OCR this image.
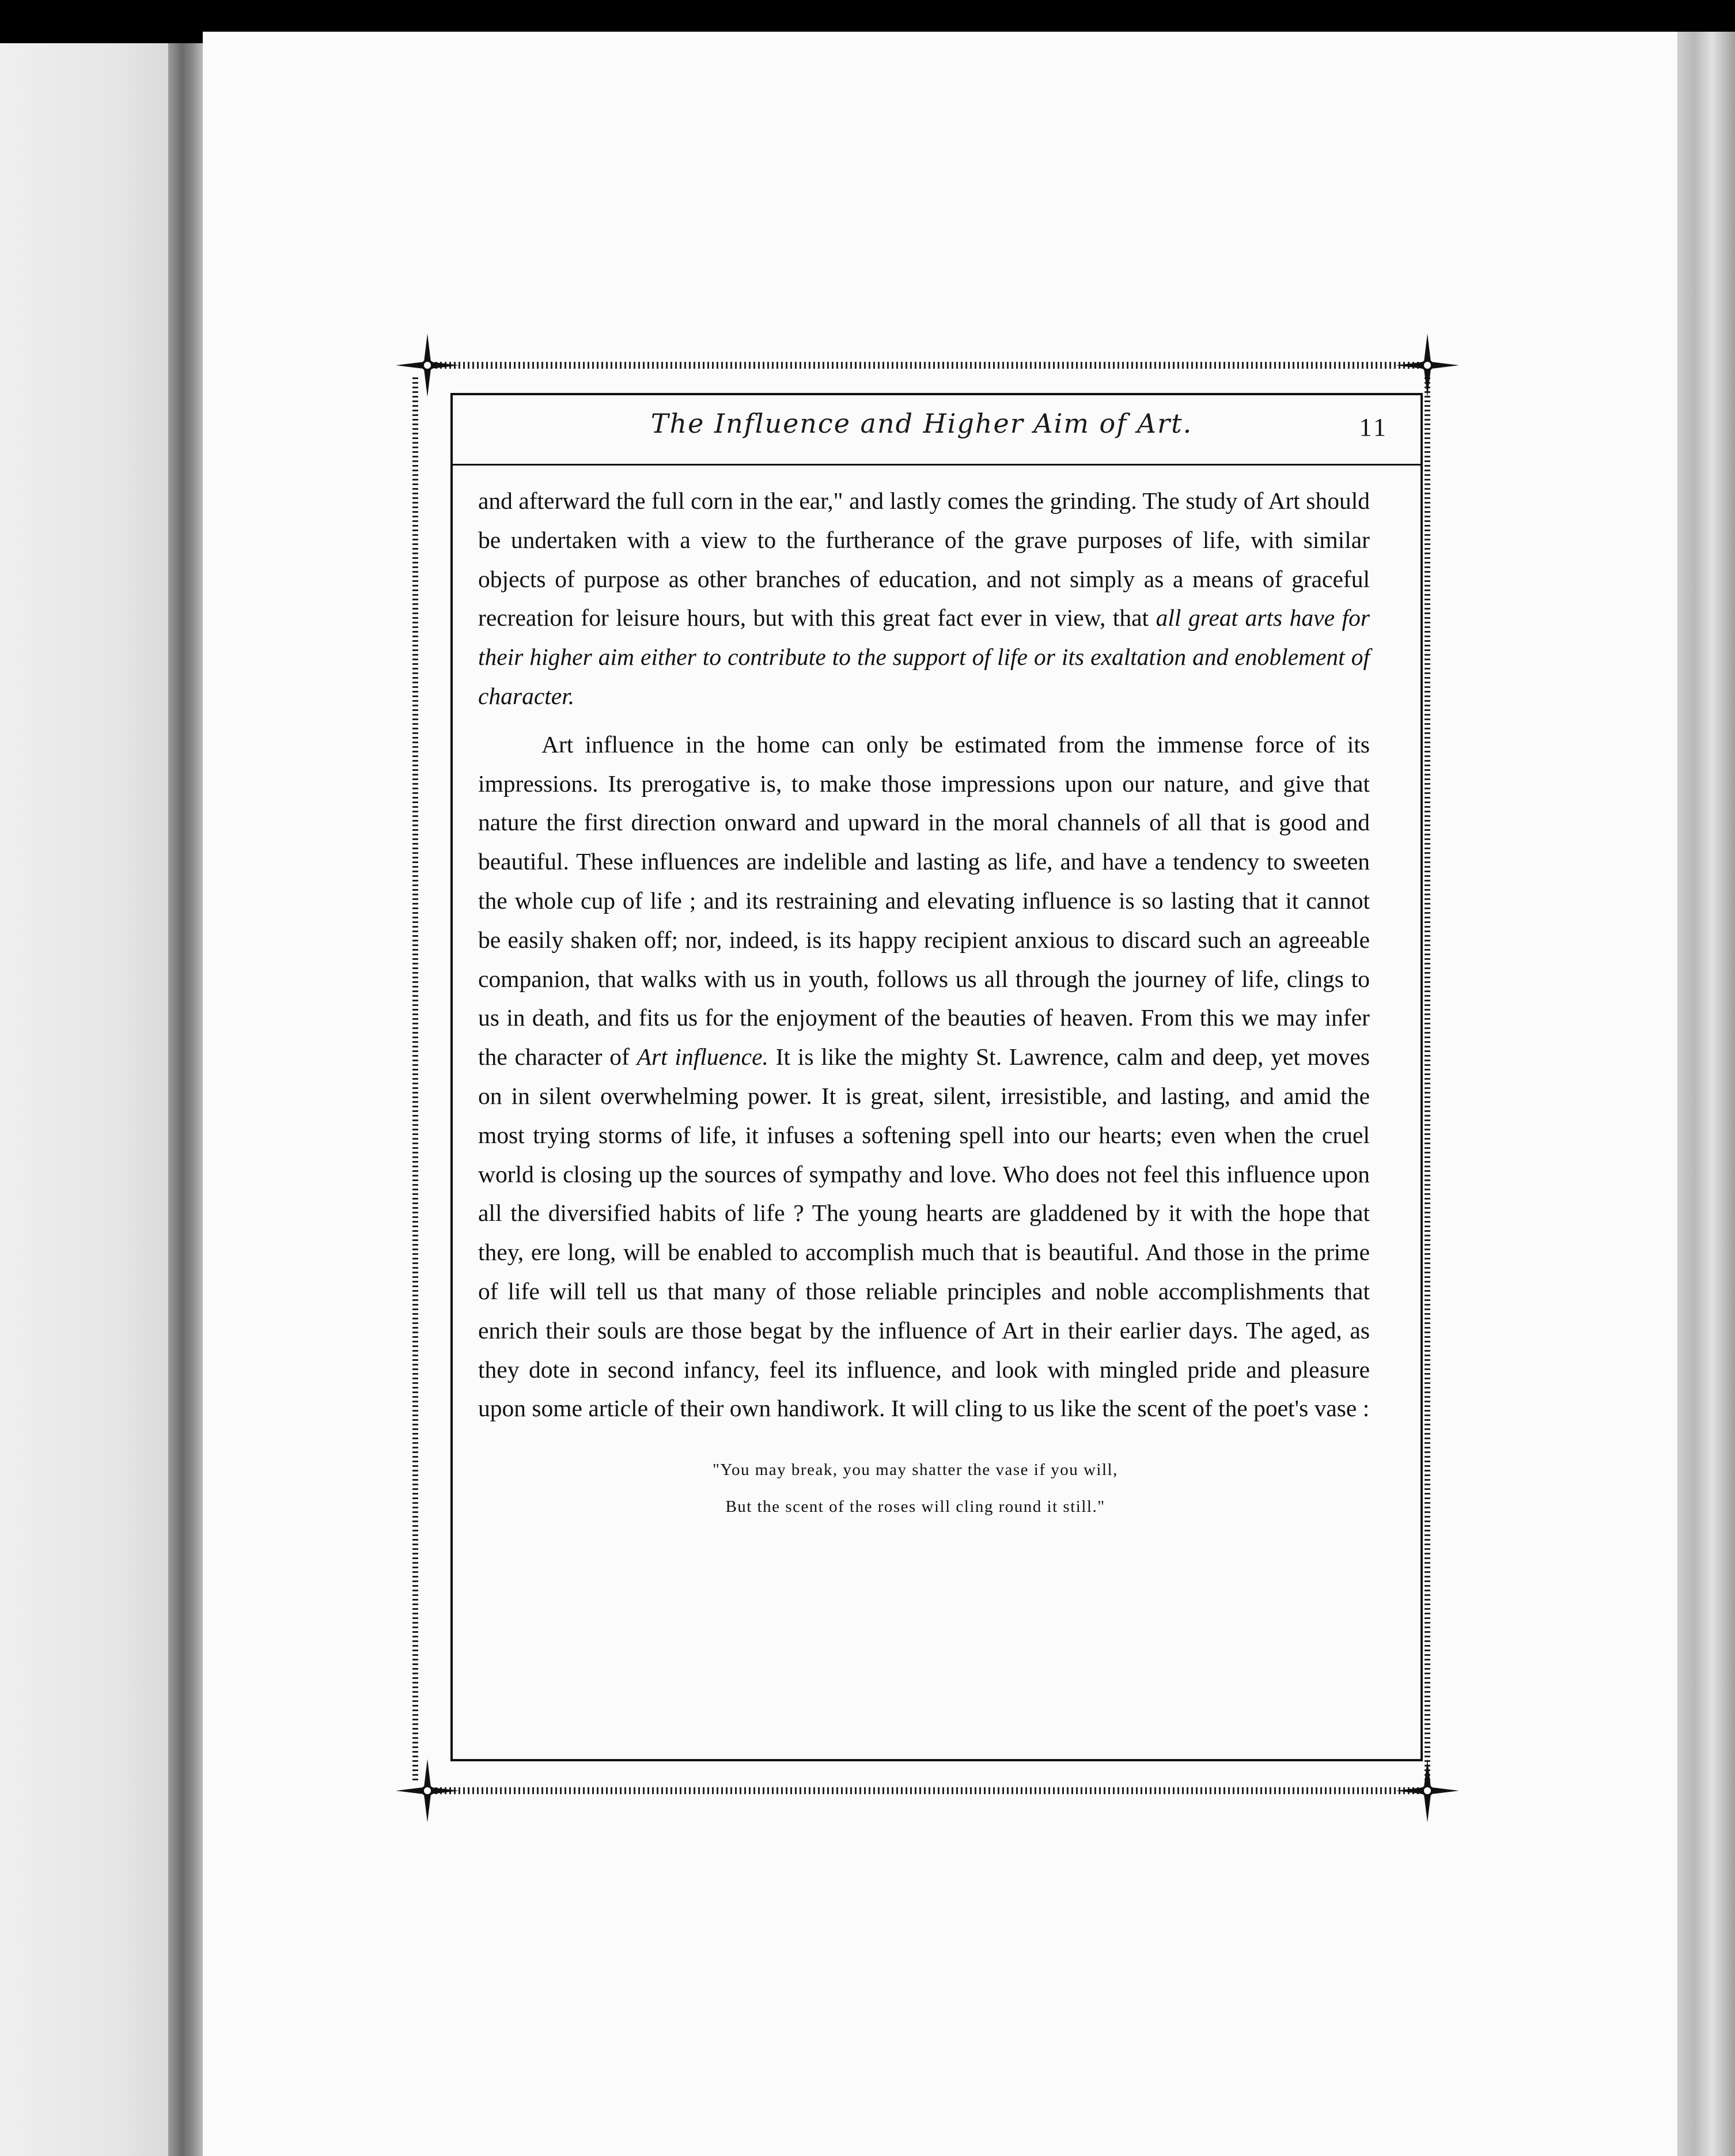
The Influence and Higher Aim of Art.	11

and afterward the full corn in the ear," and lastly comes the grinding. The study of Art should be undertaken with a view to the furtherance of the grave purposes of life, with similar objects of purpose as other branches of education, and not simply as a means of graceful recreation for leisure hours, but with this great fact ever in view, that all great arts have for their higher aim either to contribute to the support of life or its exaltation and enoblement of character.

Art influence in the home can only be estimated from the immense force of its impressions. Its prerogative is, to make those impressions upon our nature, and give that nature the first direction onward and upward in the moral channels of all that is good and beautiful. These influences are indelible and lasting as life, and have a tendency to sweeten the whole cup of life ; and its restraining and elevating influence is so lasting that it cannot be easily shaken off; nor, indeed, is its happy recipient anxious to discard such an agreeable companion, that walks with us in youth, follows us all through the journey of life, clings to us in death, and fits us for the enjoyment of the beauties of heaven. From this we may infer the character of Art influence. It is like the mighty St. Lawrence, calm and deep, yet moves on in silent overwhelming power. It is great, silent, irresistible, and lasting, and amid the most trying storms of life, it infuses a softening spell into our hearts; even when the cruel world is closing up the sources of sympathy and love. Who does not feel this influence upon all the diversified habits of life ? The young hearts are gladdened by it with the hope that they, ere long, will be enabled to accomplish much that is beautiful. And those in the prime of life will tell us that many of those reliable principles and noble accomplishments that enrich their souls are those begat by the influence of Art in their earlier days. The aged, as they dote in second infancy, feel its influence, and look with mingled pride and pleasure upon some article of their own handiwork. It will cling to us like the scent of the poet's vase :

"You may break, you may shatter the vase if you will,
But the scent of the roses will cling round it still."
